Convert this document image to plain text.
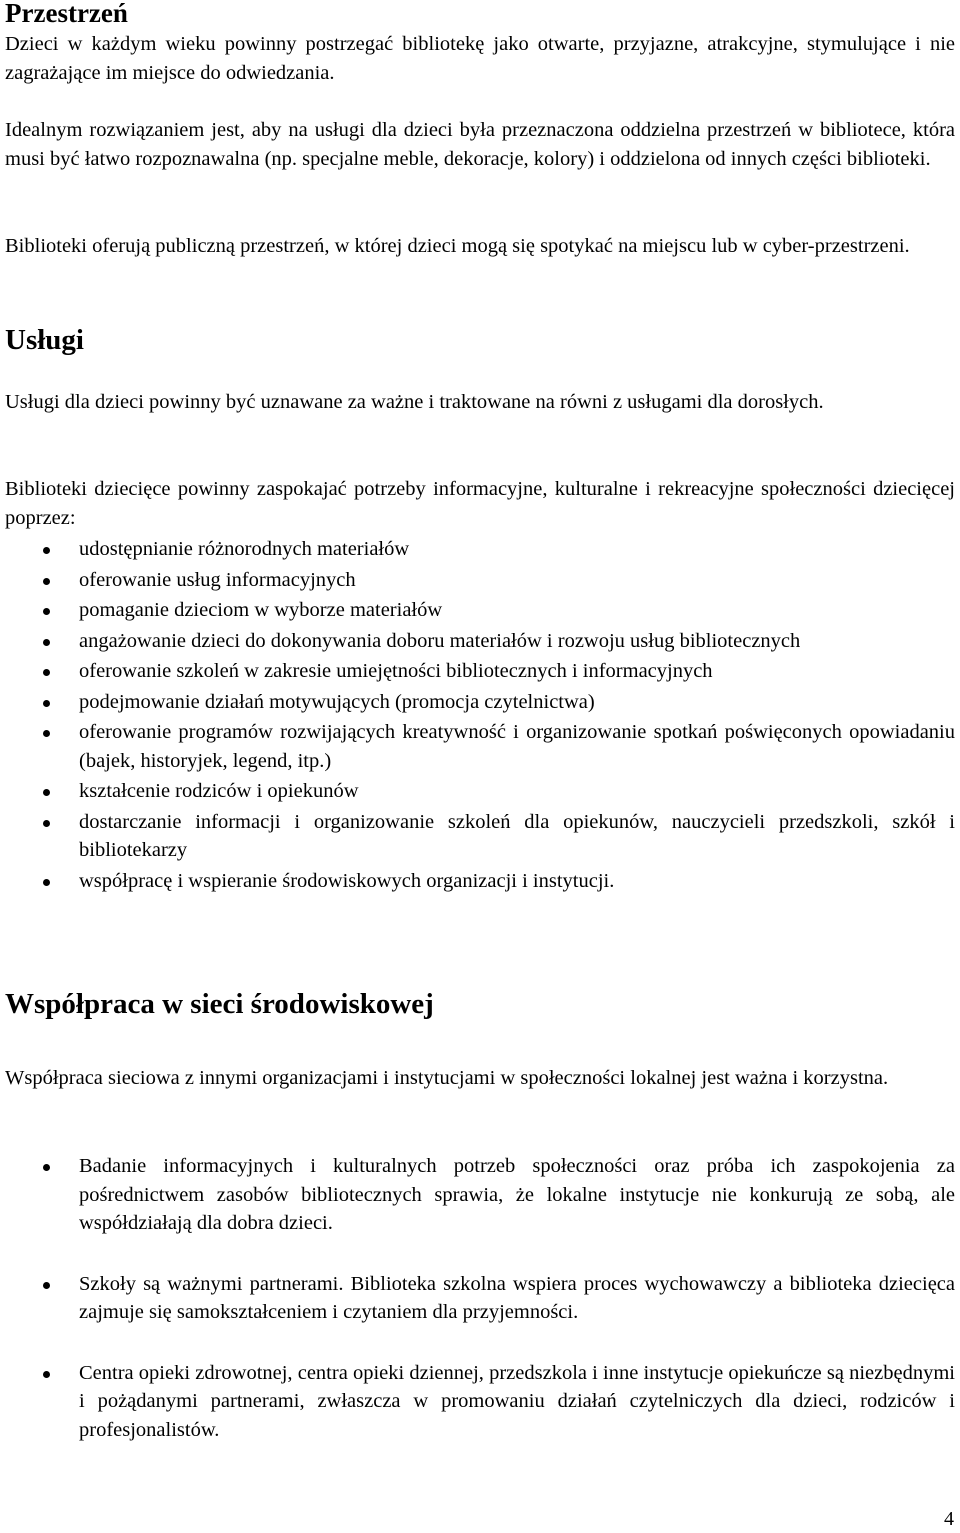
Przestrzeń

Dzieci w każdym wieku powinny postrzegać bibliotekę jako otwarte, przyjazne, atrakcyjne, stymulujące i nie zagrażające im miejsce do odwiedzania.

Idealnym rozwiązaniem jest, aby na usługi dla dzieci była przeznaczona oddzielna przestrzeń w bibliotece, która musi być łatwo rozpoznawalna (np. specjalne meble, dekoracje, kolory) i oddzielona od innych części biblioteki.

Biblioteki oferują publiczną przestrzeń, w której dzieci mogą się spotykać na miejscu lub w cyber-przestrzeni.

Usługi

Usługi dla dzieci powinny być uznawane za ważne i traktowane na równi z usługami dla dorosłych.

Biblioteki dziecięce powinny zaspokajać potrzeby informacyjne, kulturalne i rekreacyjne społeczności dziecięcej poprzez:

udostępnianie różnorodnych materiałów
oferowanie usług informacyjnych
pomaganie dzieciom w wyborze materiałów
angażowanie dzieci do dokonywania doboru materiałów i rozwoju usług bibliotecznych
oferowanie szkoleń w zakresie umiejętności bibliotecznych i informacyjnych
podejmowanie działań motywujących (promocja czytelnictwa)
oferowanie programów rozwijających kreatywność i organizowanie spotkań poświęconych opowiadaniu (bajek, historyjek, legend, itp.)
kształcenie rodziców i opiekunów
dostarczanie informacji i organizowanie szkoleń dla opiekunów, nauczycieli przedszkoli, szkół i bibliotekarzy
współpracę i wspieranie środowiskowych organizacji i instytucji.
Współpraca w sieci środowiskowej

Współpraca sieciowa z innymi organizacjami i instytucjami w społeczności lokalnej jest ważna i korzystna.

Badanie informacyjnych i kulturalnych potrzeb społeczności oraz próba ich zaspokojenia za pośrednictwem zasobów bibliotecznych sprawia, że lokalne instytucje nie konkurują ze sobą, ale współdziałają dla dobra dzieci.
Szkoły są ważnymi partnerami. Biblioteka szkolna wspiera proces wychowawczy a biblioteka dziecięca zajmuje się samokształceniem i czytaniem dla przyjemności.
Centra opieki zdrowotnej, centra opieki dziennej, przedszkola i inne instytucje opiekuńcze są niezbędnymi i pożądanymi partnerami, zwłaszcza w promowaniu działań czytelniczych dla dzieci, rodziców i profesjonalistów.
4
